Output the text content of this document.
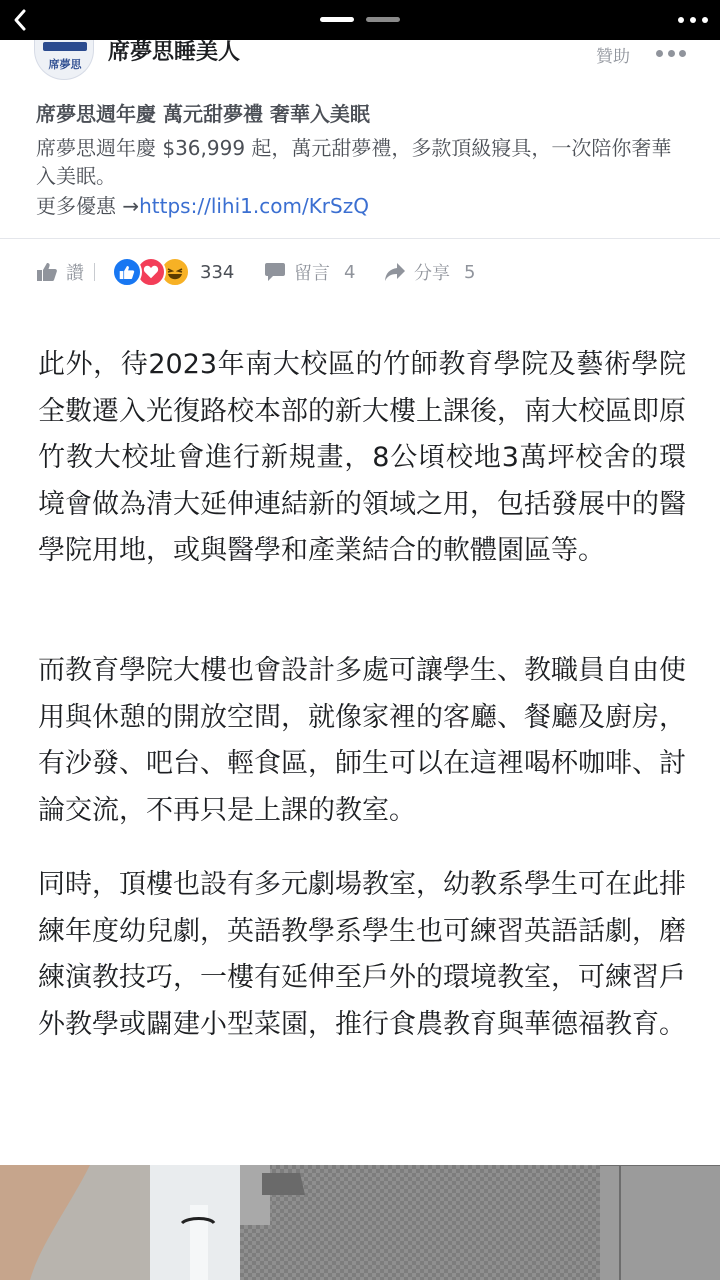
席夢思	席夢思睡美人	贊助
席夢思週年慶 萬元甜夢禮 奢華入美眠
席夢思週年慶 $36,999 起，萬元甜夢禮，多款頂級寢具，一次陪你奢華入美眠。
更多優惠 →https://lihi1.com/KrSzQ
讚	334	留言 4	分享 5

此外，待2023年南大校區的竹師教育學院及藝術學院全數遷入光復路校本部的新大樓上課後，南大校區即原竹教大校址會進行新規畫，8公頃校地3萬坪校舍的環境會做為清大延伸連結新的領域之用，包括發展中的醫學院用地，或與醫學和產業結合的軟體園區等。

而教育學院大樓也會設計多處可讓學生、教職員自由使用與休憩的開放空間，就像家裡的客廳、餐廳及廚房，有沙發、吧台、輕食區，師生可以在這裡喝杯咖啡、討論交流，不再只是上課的教室。

同時，頂樓也設有多元劇場教室，幼教系學生可在此排練年度幼兒劇，英語教學系學生也可練習英語話劇，磨練演教技巧，一樓有延伸至戶外的環境教室，可練習戶外教學或闢建小型菜園，推行食農教育與華德福教育。
